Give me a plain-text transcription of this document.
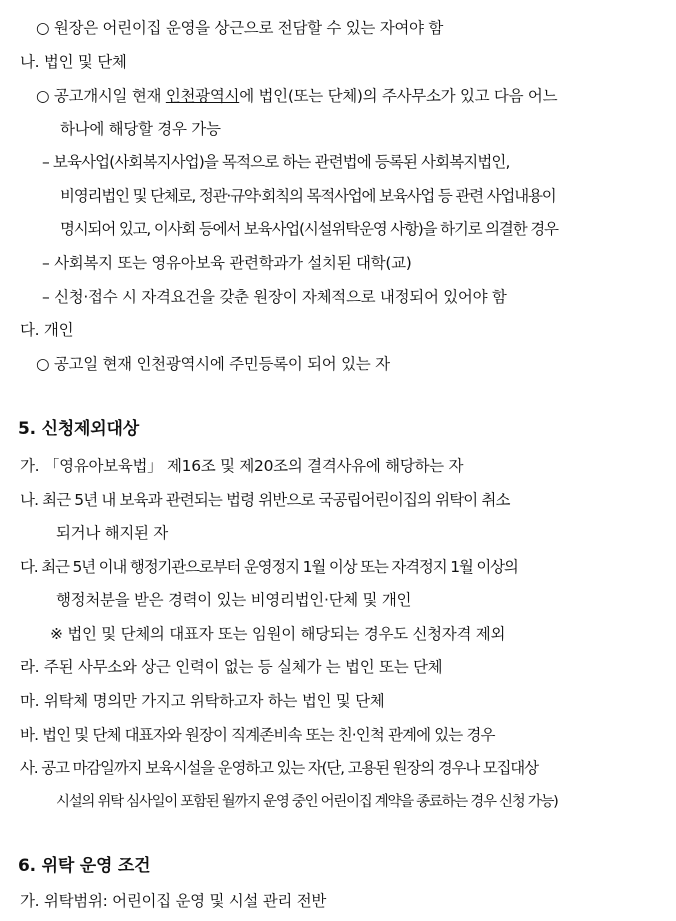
○ 원장은 어린이집 운영을 상근으로 전담할 수 있는 자여야 함
나. 법인 및 단체
○ 공고개시일 현재 인천광역시에 법인(또는 단체)의 주사무소가 있고 다음 어느
하나에 해당할 경우 가능
– 보육사업(사회복지사업)을 목적으로 하는 관련법에 등록된 사회복지법인,
비영리법인 및 단체로, 정관·규약·회칙의 목적사업에 보육사업 등 관련 사업내용이
명시되어 있고, 이사회 등에서 보육사업(시설위탁운영 사항)을 하기로 의결한 경우
– 사회복지 또는 영유아보육 관련학과가 설치된 대학(교)
– 신청·접수 시 자격요건을 갖춘 원장이 자체적으로 내정되어 있어야 함
다. 개인
○ 공고일 현재 인천광역시에 주민등록이 되어 있는 자
5. 신청제외대상
가. 「영유아보육법」 제16조 및 제20조의 결격사유에 해당하는 자
나. 최근 5년 내 보육과 관련되는 법령 위반으로 국공립어린이집의 위탁이 취소
되거나 해지된 자
다. 최근 5년 이내 행정기관으로부터 운영정지 1월 이상 또는 자격정지 1월 이상의
행정처분을 받은 경력이 있는 비영리법인·단체 및 개인
※ 법인 및 단체의 대표자 또는 임원이 해당되는 경우도 신청자격 제외
라. 주된 사무소와 상근 인력이 없는 등 실체가 는 법인 또는 단체
마. 위탁체 명의만 가지고 위탁하고자 하는 법인 및 단체
바. 법인 및 단체 대표자와 원장이 직계존비속 또는 친·인척 관계에 있는 경우
사. 공고 마감일까지 보육시설을 운영하고 있는 자(단, 고용된 원장의 경우나 모집대상
시설의 위탁 심사일이 포함된 월까지 운영 중인 어린이집 계약을 종료하는 경우 신청 가능)
6. 위탁 운영 조건
가. 위탁범위: 어린이집 운영 및 시설 관리 전반
